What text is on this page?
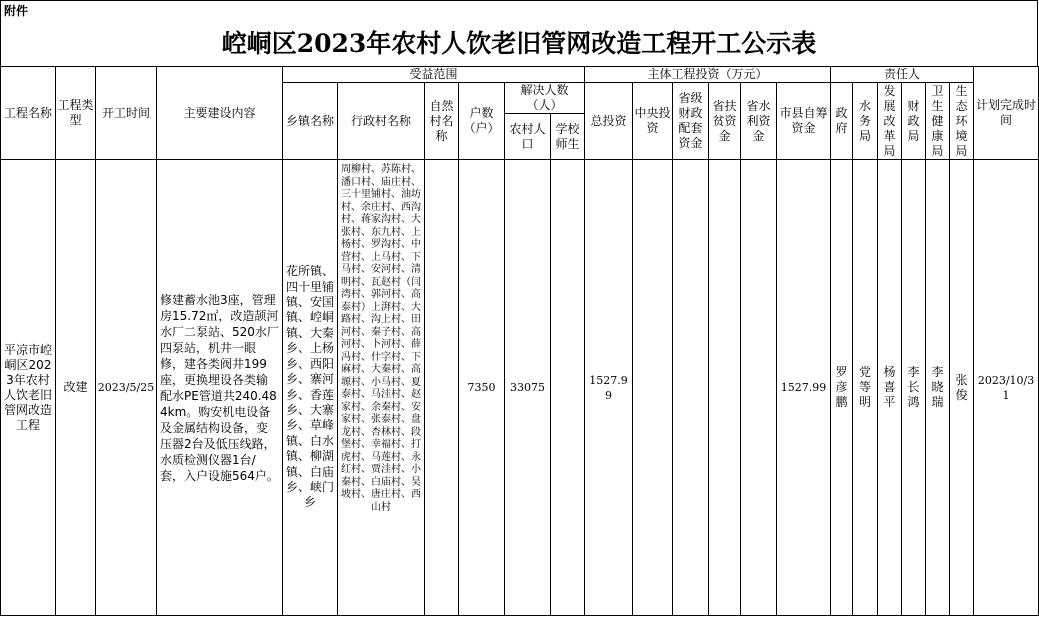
附件
崆峒区2023年农村人饮老旧管网改造工程开工公示表
工程名称	工程类型	开工时间	主要建设内容	受益范围						主体工程投资（万元）						责任人						计划完成时间
				乡镇名称	行政村名称	自然村名称	户数（户）	解决人数（人）		总投资	中央投资	省级财政配套资金	省扶贫资金	省水利资金	市县自筹资金	政府	水务局	发展改革局	财政局	卫生健康局	生态环境局	
								农村人口	学校师生													
平凉市崆峒区2023年农村人饮老旧管网改造工程	改建	2023/5/25	修建蓄水池3座，管理房15.72㎡，改造颉河水厂二泵站、520水厂四泵站，机井一眼修，建各类阀井199座，更换埋设各类输配水PE管道共240.484km。购安机电设备及金属结构设备，变压器2台及低压线路，水质检测仪器1台/套，入户设施564户。	花所镇、四十里铺镇、安国镇、崆峒镇、大秦乡、上杨乡、西阳乡、寨河乡、香莲乡、大寨乡、草峰镇、白水镇、柳湖镇、白庙乡、峡门乡	周柳村、苏陈村、潘口村、庙庄村、三十里铺村、油坊村、余庄村、西沟村、蒋家沟村、大张村、东九村、上杨村、罗沟村、中营村、上马村、下马村、安河村、清明村、瓦赵村（闫湾村、郭河村、高泰村）上湃村、大路村、沟上村、田河村、秦子村、高河村、卜河村、薛冯村、什字村、下麻村、大秦村、高塬村、小马村、夏泰村、马洼村、赵家村、余秦村、安家村、张泰村、盘龙村、杏林村、段堡村、幸福村、打虎村、马莲村、永红村、贾洼村、小秦村、白庙村、吴坡村、唐庄村、西山村		7350	33075		1527.99					1527.99	罗彦鹏	党等明	杨喜平	李长鸿	李晓瑞	张俊	2023/10/31
